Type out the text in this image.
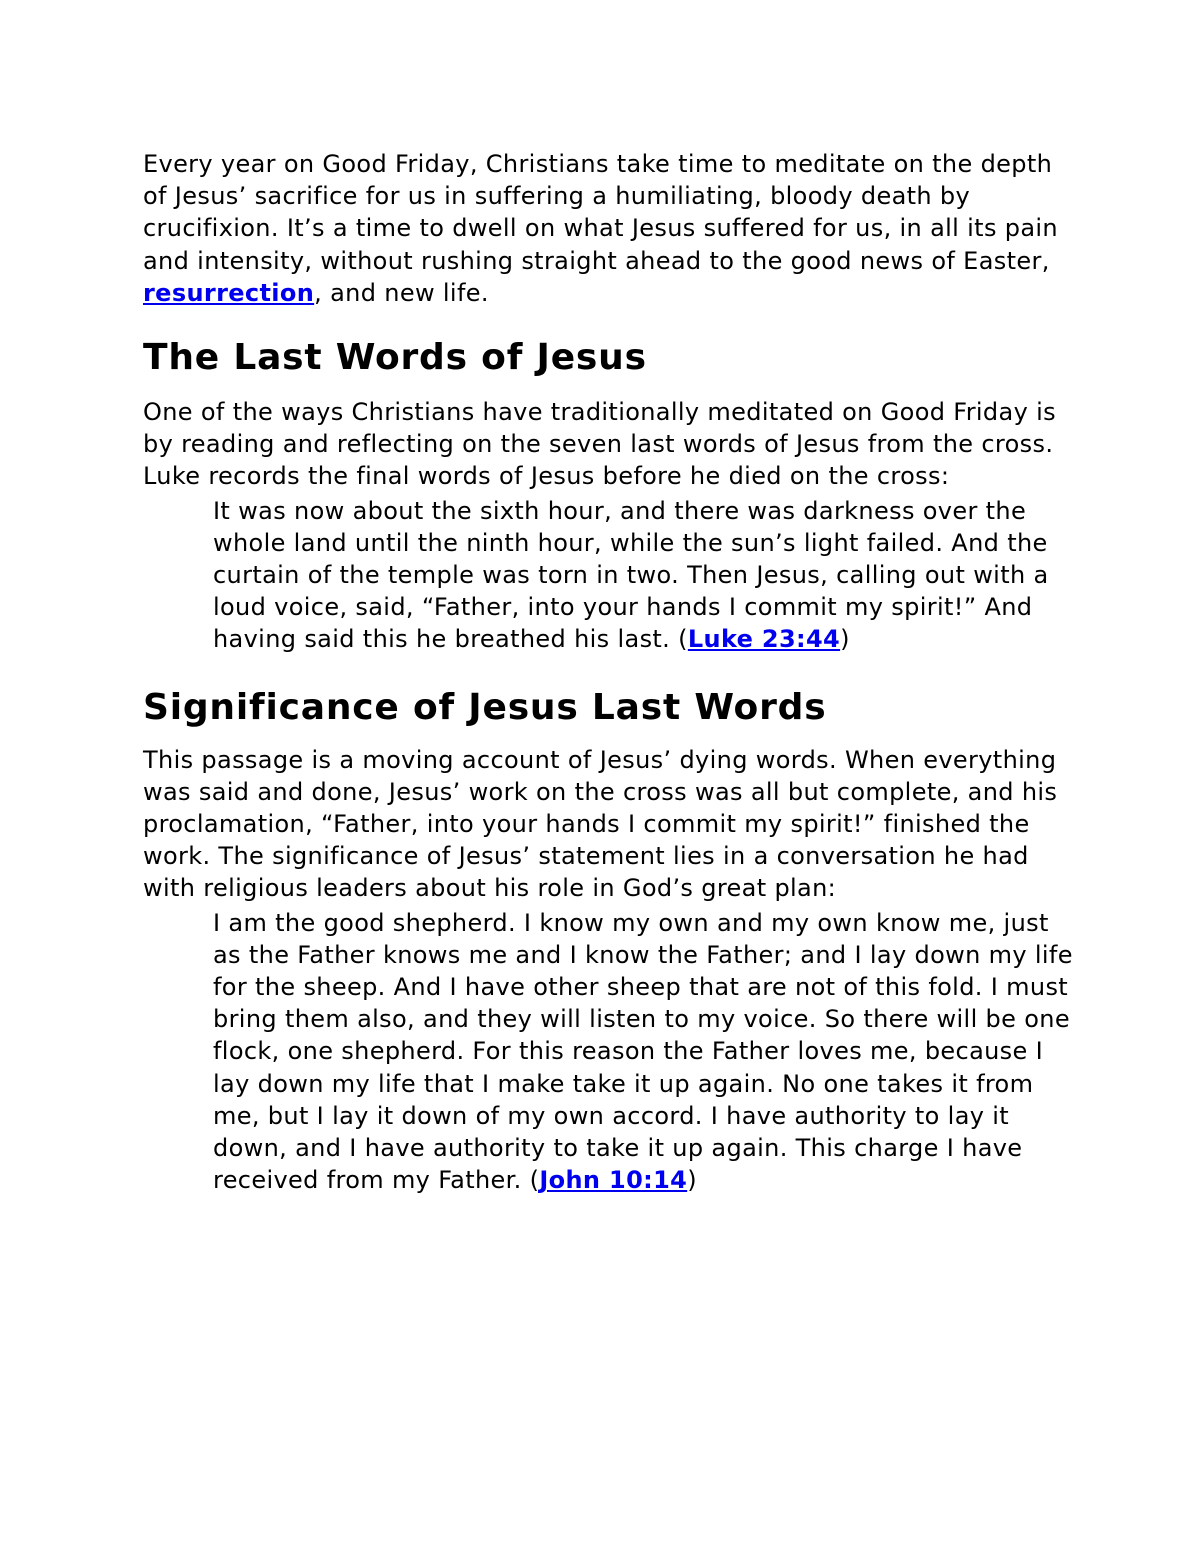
Every year on Good Friday, Christians take time to meditate on the depth of Jesus’ sacrifice for us in suffering a humiliating, bloody death by crucifixion. It’s a time to dwell on what Jesus suffered for us, in all its pain and intensity, without rushing straight ahead to the good news of Easter, resurrection, and new life.

The Last Words of Jesus

One of the ways Christians have traditionally meditated on Good Friday is by reading and reflecting on the seven last words of Jesus from the cross. Luke records the final words of Jesus before he died on the cross:

It was now about the sixth hour, and there was darkness over the whole land until the ninth hour, while the sun’s light failed. And the curtain of the temple was torn in two. Then Jesus, calling out with a loud voice, said, “Father, into your hands I commit my spirit!” And having said this he breathed his last. (Luke 23:44)
Significance of Jesus Last Words

This passage is a moving account of Jesus’ dying words. When everything was said and done, Jesus’ work on the cross was all but complete, and his proclamation, “Father, into your hands I commit my spirit!” finished the work. The significance of Jesus’ statement lies in a conversation he had with religious leaders about his role in God’s great plan:

I am the good shepherd. I know my own and my own know me, just as the Father knows me and I know the Father; and I lay down my life for the sheep. And I have other sheep that are not of this fold. I must bring them also, and they will listen to my voice. So there will be one flock, one shepherd. For this reason the Father loves me, because I lay down my life that I make take it up again. No one takes it from me, but I lay it down of my own accord. I have authority to lay it down, and I have authority to take it up again. This charge I have received from my Father. (John 10:14)
